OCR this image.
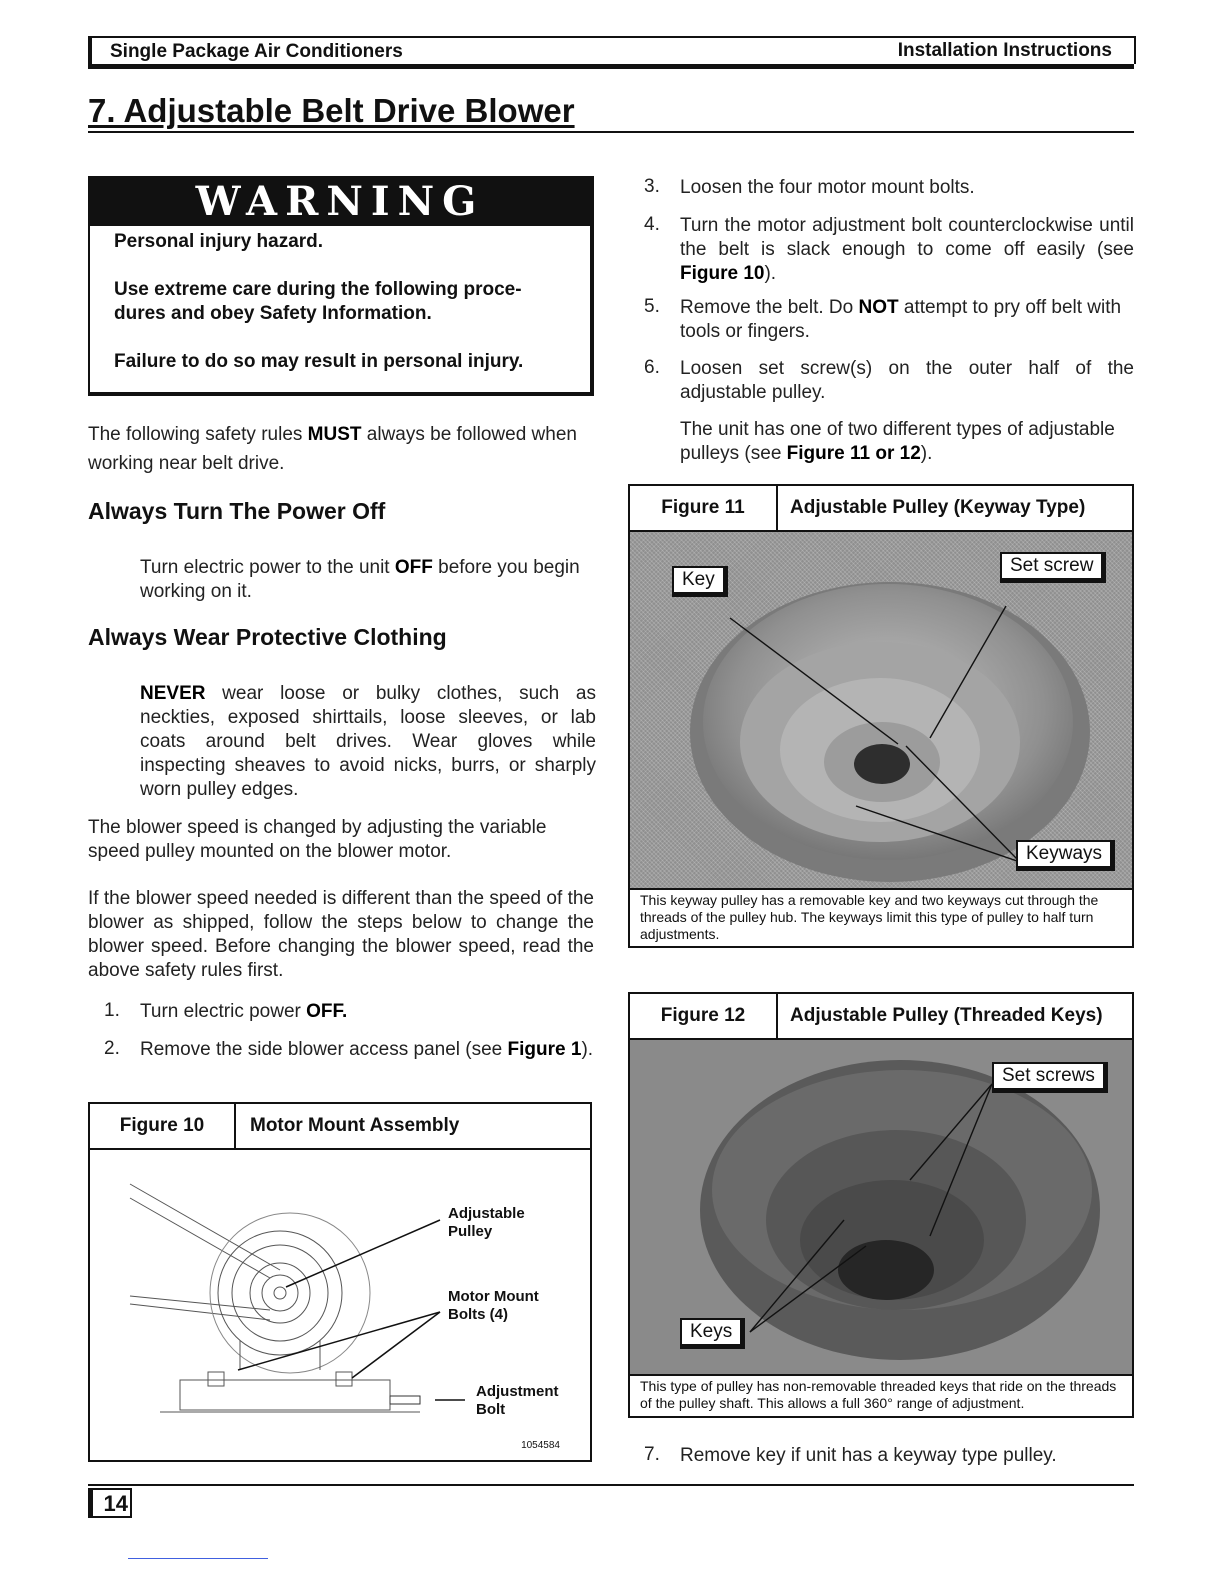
Single Package Air Conditioners	Installation Instructions
7. Adjustable Belt Drive Blower
WARNING

Personal injury hazard.

Use extreme care during the following proce- dures and obey Safety Information.

Failure to do so may result in personal injury.

The following safety rules MUST always be followed when working near belt drive.

Always Turn The Power Off

Turn electric power to the unit OFF before you begin working on it.

Always Wear Protective Clothing

NEVER wear loose or bulky clothes, such as neckties, exposed shirttails, loose sleeves, or lab coats around belt drives. Wear gloves while inspecting sheaves to avoid nicks, burrs, or sharply worn pulley edges.

The blower speed is changed by adjusting the variable speed pulley mounted on the blower motor.

If the blower speed needed is different than the speed of the blower as shipped, follow the steps below to change the blower speed. Before changing the blower speed, read the above safety rules first.

1. Turn electric power OFF.

2. Remove the side blower access panel (see Figure 1).

Figure 10	Motor Mount Assembly
Adjustable
Pulley
Motor Mount
Bolts (4)
Adjustment
Bolt
1054584
3. Loosen the four motor mount bolts.

4. Turn the motor adjustment bolt counterclockwise until the belt is slack enough to come off easily (see Figure 10).

5. Remove the belt. Do NOT attempt to pry off belt with tools or fingers.

6. Loosen set screw(s) on the outer half of the adjustable pulley.

The unit has one of two different types of adjustable pulleys (see Figure 11 or 12).

Figure 11	Adjustable Pulley (Keyway Type)
Key
Set screw
Keyways
This keyway pulley has a removable key and two keyways cut through the threads of the pulley hub. The keyways limit this type of pulley to half turn adjustments.
Figure 12	Adjustable Pulley (Threaded Keys)
Set screws
Keys
This type of pulley has non-removable threaded keys that ride on the threads of the pulley shaft. This allows a full 360° range of adjustment.
7. Remove key if unit has a keyway type pulley.

14
